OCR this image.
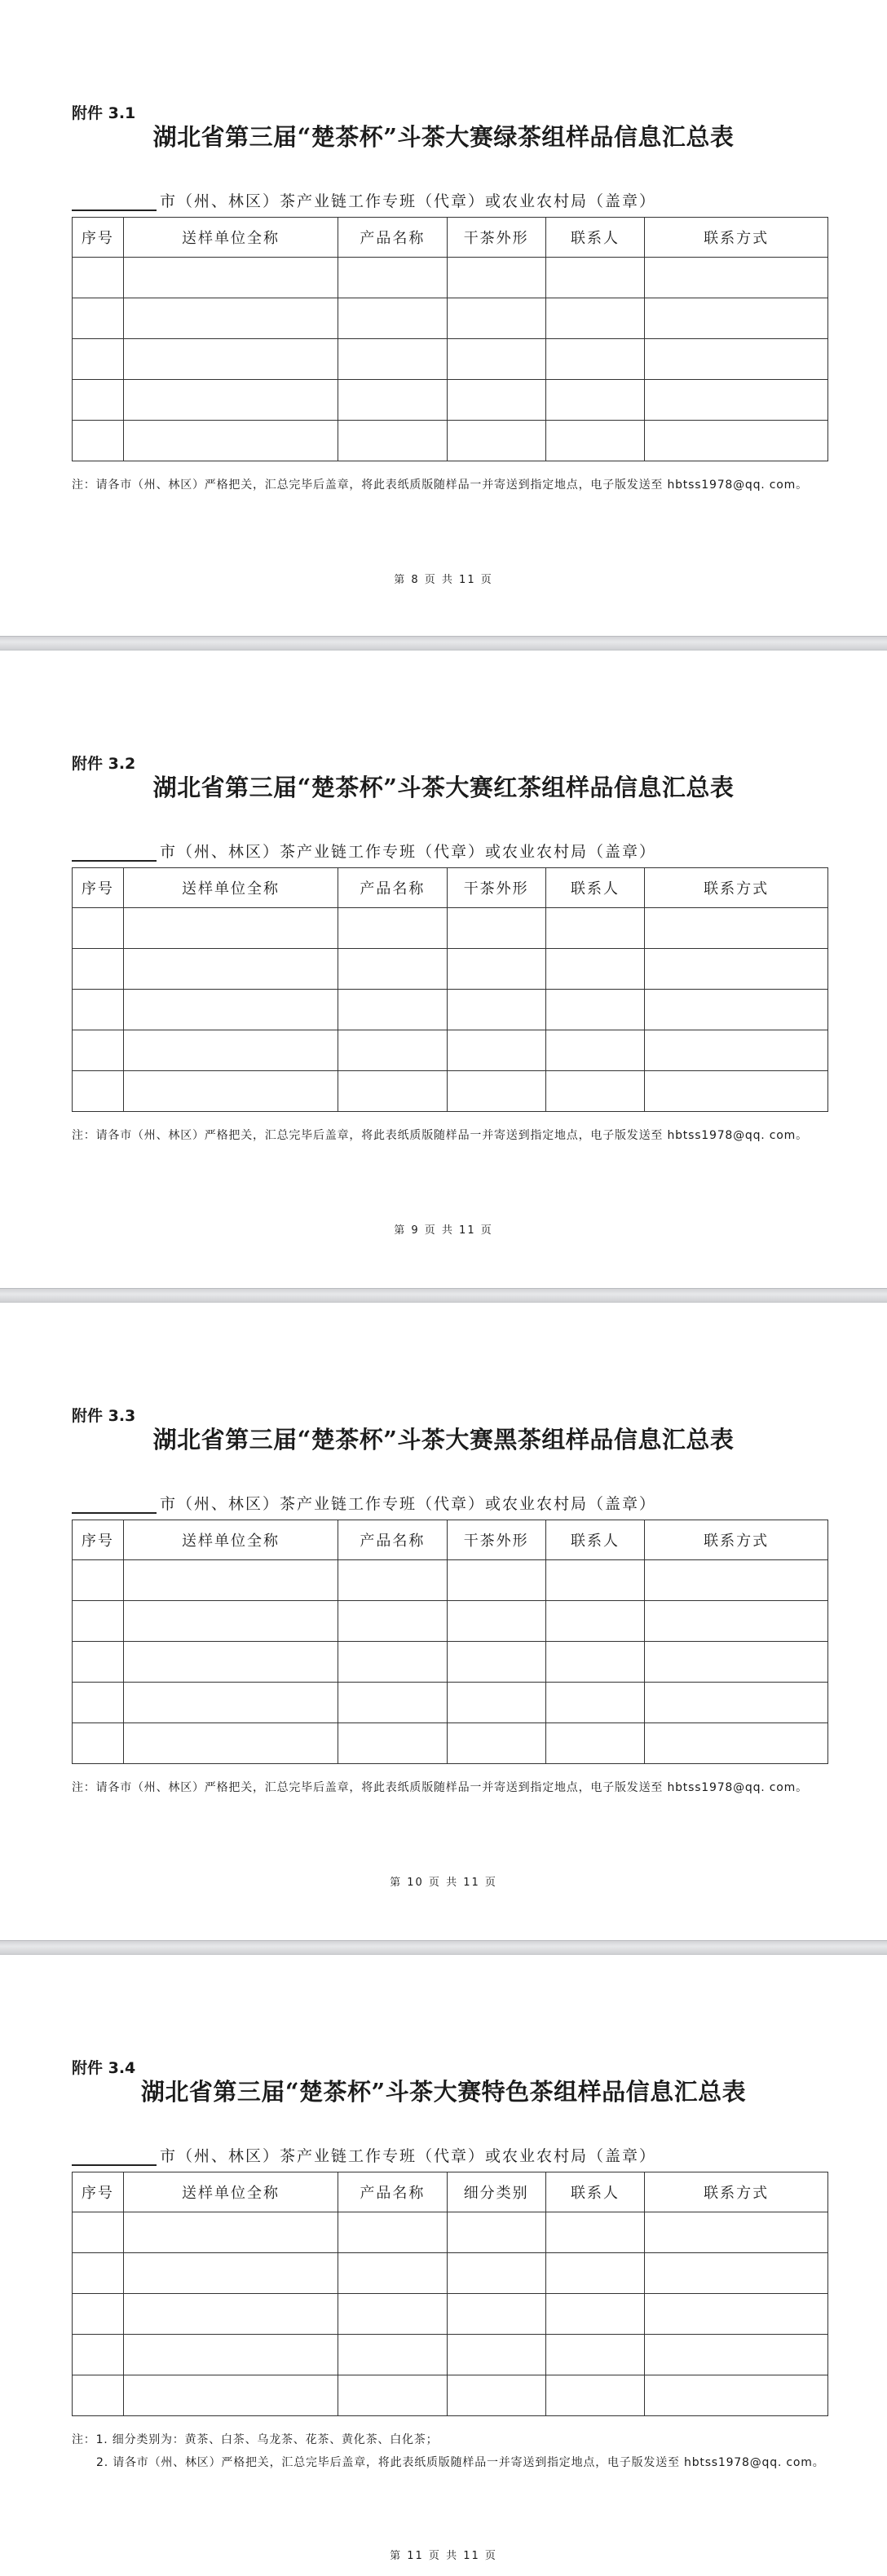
附件 3.1
湖北省第三届“楚茶杯”斗茶大赛绿茶组样品信息汇总表
市（州、林区）茶产业链工作专班（代章）或农业农村局（盖章）
序号	送样单位全称	产品名称	干茶外形	联系人	联系方式

注：请各市（州、林区）严格把关，汇总完毕后盖章，将此表纸质版随样品一并寄送到指定地点，电子版发送至 hbtss1978@qq. com。
第 8 页 共 11 页
附件 3.2
湖北省第三届“楚茶杯”斗茶大赛红茶组样品信息汇总表
市（州、林区）茶产业链工作专班（代章）或农业农村局（盖章）
序号	送样单位全称	产品名称	干茶外形	联系人	联系方式

注：请各市（州、林区）严格把关，汇总完毕后盖章，将此表纸质版随样品一并寄送到指定地点，电子版发送至 hbtss1978@qq. com。
第 9 页 共 11 页
附件 3.3
湖北省第三届“楚茶杯”斗茶大赛黑茶组样品信息汇总表
市（州、林区）茶产业链工作专班（代章）或农业农村局（盖章）
序号	送样单位全称	产品名称	干茶外形	联系人	联系方式

注：请各市（州、林区）严格把关，汇总完毕后盖章，将此表纸质版随样品一并寄送到指定地点，电子版发送至 hbtss1978@qq. com。
第 10 页 共 11 页
附件 3.4
湖北省第三届“楚茶杯”斗茶大赛特色茶组样品信息汇总表
市（州、林区）茶产业链工作专班（代章）或农业农村局（盖章）
序号	送样单位全称	产品名称	细分类别	联系人	联系方式

注：1. 细分类别为：黄茶、白茶、乌龙茶、花茶、黄化茶、白化茶；
2. 请各市（州、林区）严格把关，汇总完毕后盖章，将此表纸质版随样品一并寄送到指定地点，电子版发送至 hbtss1978@qq. com。
第 11 页 共 11 页
